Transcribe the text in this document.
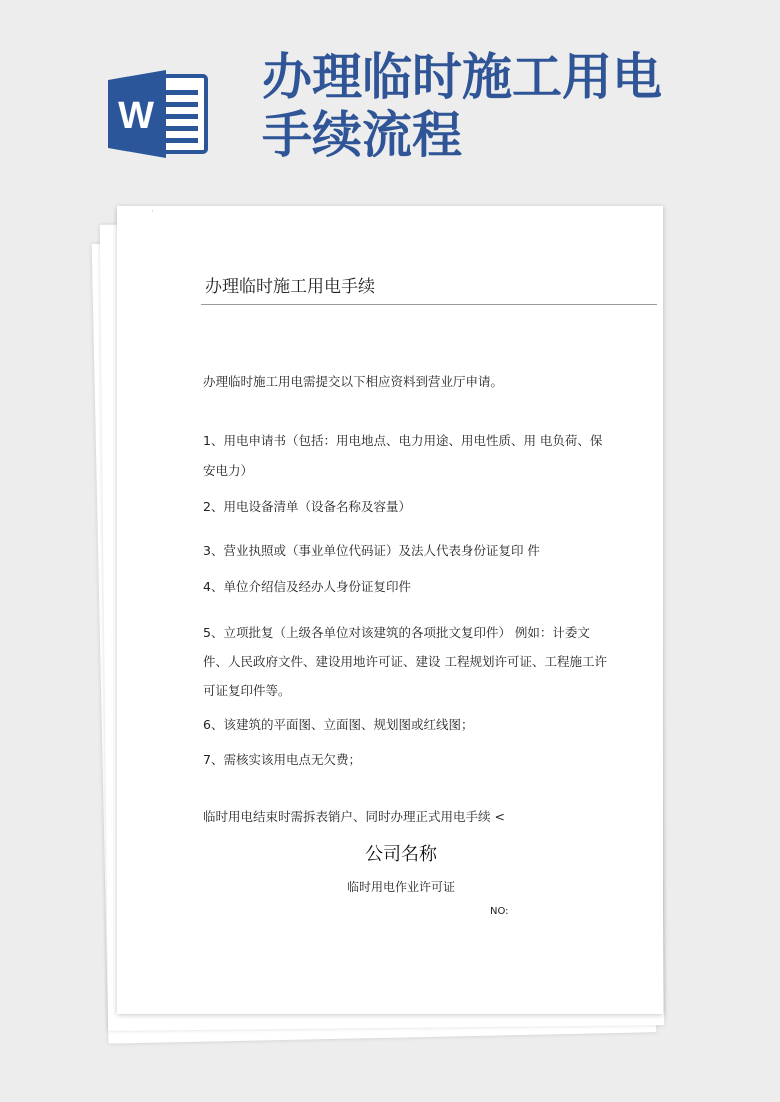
W
办理临时施工用电
手续流程
·
办理临时施工用电手续
办理临时施工用电需提交以下相应资料到营业厅申请。
1、用电申请书（包括：用电地点、电力用途、用电性质、用 电负荷、保
安电力）
2、用电设备清单（设备名称及容量）
3、营业执照或（事业单位代码证）及法人代表身份证复印 件
4、单位介绍信及经办人身份证复印件
5、立项批复（上级各单位对该建筑的各项批文复印件） 例如：计委文
件、人民政府文件、建设用地许可证、建设 工程规划许可证、工程施工许
可证复印件等。
6、该建筑的平面图、立面图、规划图或红线图；
7、需核实该用电点无欠费；
临时用电结束时需拆表销户、同时办理正式用电手续 <
公司名称
临时用电作业许可证
NO:
